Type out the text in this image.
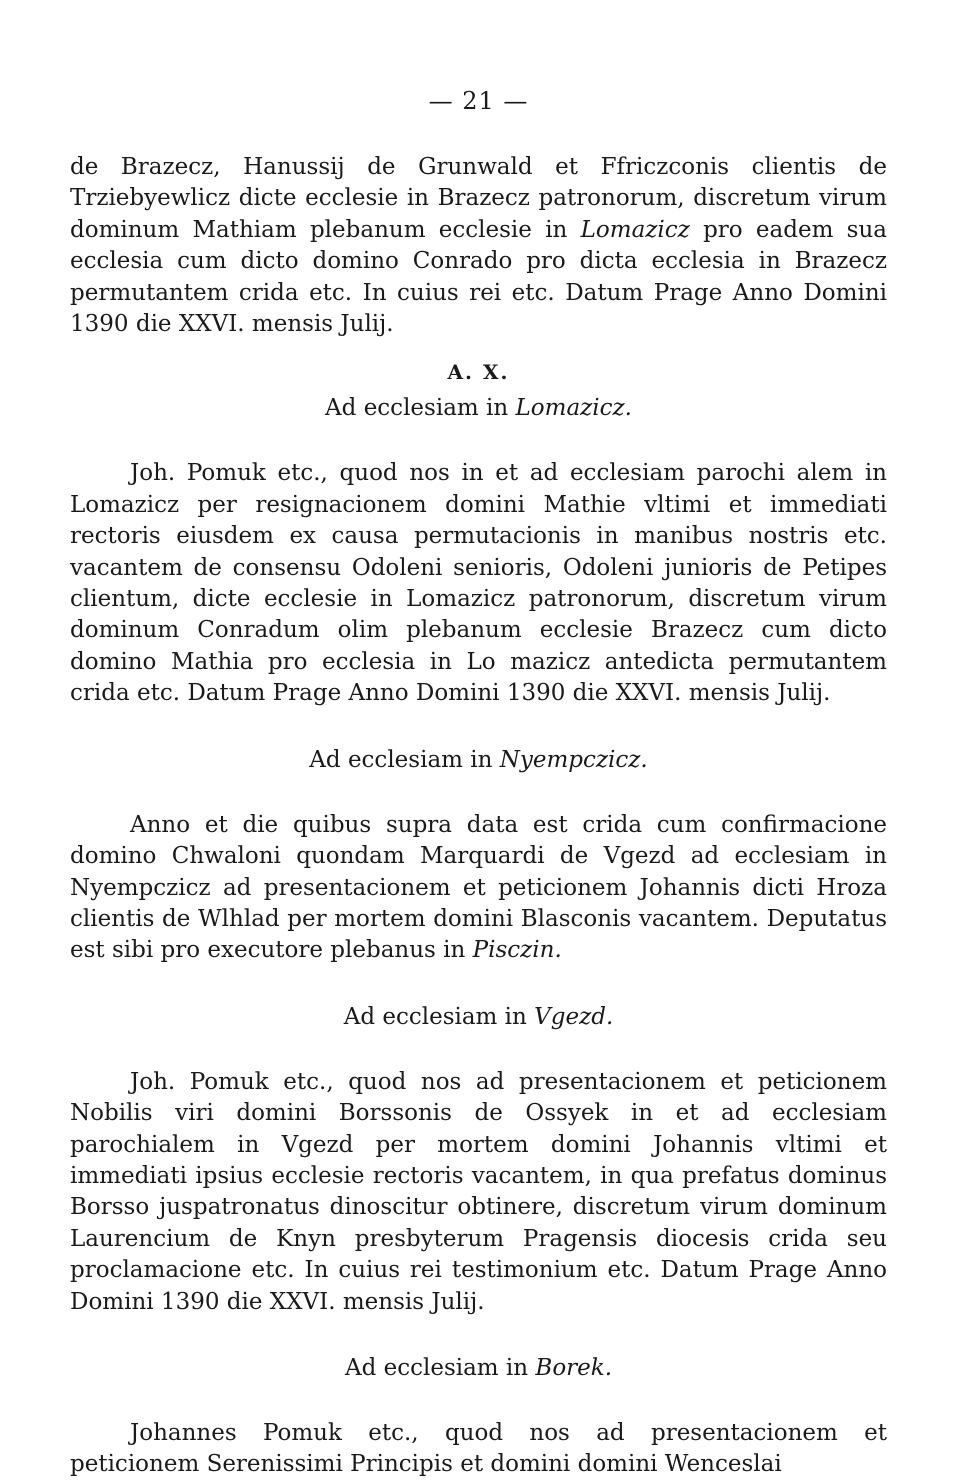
— 21 —

de Brazecz, Hanussij de Grunwald et Ffriczconis clientis de Trziebyewlicz dicte ecclesie in Brazecz patronorum, discretum virum dominum Mathiam plebanum ecclesie in Lomazicz pro eadem sua ecclesia cum dicto domino Conrado pro dicta ecclesia in Brazecz permutantem crida etc. In cuius rei etc. Datum Prage Anno Domini 1390 die XXVI. mensis Julij.

A. X.
Ad ecclesiam in Lomazicz.

Joh. Pomuk etc., quod nos in et ad ecclesiam parochi alem in Lomazicz per resignacionem domini Mathie vltimi et immediati rectoris eiusdem ex causa permutacionis in manibus nostris etc. vacantem de consensu Odoleni senioris, Odoleni junioris de Petipes clientum, dicte ecclesie in Lomazicz patronorum, discretum virum dominum Conradum olim plebanum ecclesie Brazecz cum dicto domino Mathia pro ecclesia in Lo mazicz antedicta permutantem crida etc. Datum Prage Anno Domini 1390 die XXVI. mensis Julij.

Ad ecclesiam in Nyempczicz.

Anno et die quibus supra data est crida cum confirmacione domino Chwaloni quondam Marquardi de Vgezd ad ecclesiam in Nyempczicz ad presentacionem et peticionem Johannis dicti Hroza clientis de Wlhlad per mortem domini Blasconis vacantem. Deputatus est sibi pro executore plebanus in Pisczin.

Ad ecclesiam in Vgezd.

Joh. Pomuk etc., quod nos ad presentacionem et peticionem Nobilis viri domini Borssonis de Ossyek in et ad ecclesiam parochialem in Vgezd per mortem domini Johannis vltimi et immediati ipsius ecclesie rectoris vacantem, in qua prefatus dominus Borsso juspatronatus dinoscitur obtinere, discretum virum dominum Laurencium de Knyn presbyterum Pragensis diocesis crida seu proclamacione etc. In cuius rei testimonium etc. Datum Prage Anno Domini 1390 die XXVI. mensis Julij.

Ad ecclesiam in Borek.

Johannes Pomuk etc., quod nos ad presentacionem et peticionem Serenissimi Principis et domini domini Wenceslai
